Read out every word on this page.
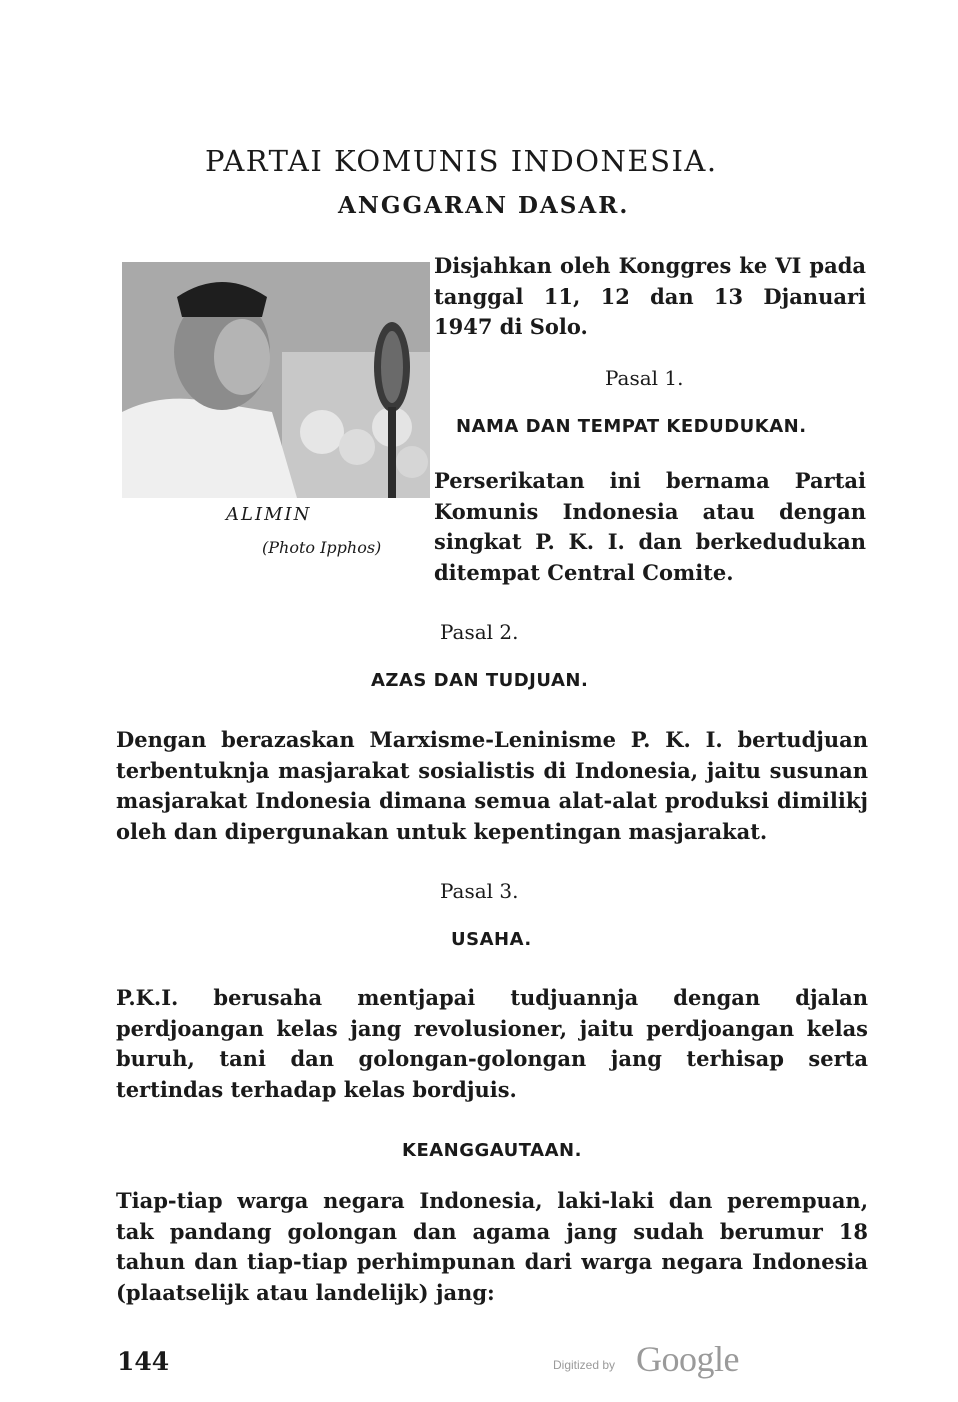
PARTAI KOMUNIS INDONESIA.
ANGGARAN DASAR.
ALIMIN
(Photo Ipphos)
Disjahkan oleh Konggres ke VI pada tanggal 11, 12 dan 13 Djanuari 1947 di Solo.
Pasal 1.
NAMA DAN TEMPAT KEDUDUKAN.
Perserikatan ini bernama Partai Komunis Indonesia atau dengan singkat P. K. I. dan berkedudukan ditempat Central Comite.
Pasal 2.
AZAS DAN TUDJUAN.
Dengan berazaskan Marxisme-Leninisme P. K. I. bertudjuan terbentuknja masjarakat sosialistis di Indonesia, jaitu susunan masjarakat Indonesia dimana semua alat-alat produksi dimilikj oleh dan dipergunakan untuk kepentingan masjarakat.
Pasal 3.
USAHA.
P.K.I. berusaha mentjapai tudjuannja dengan djalan perdjoangan kelas jang revolusioner, jaitu perdjoangan kelas buruh, tani dan golongan-golongan jang terhisap serta tertindas terhadap kelas bordjuis.
KEANGGAUTAAN.
Tiap-tiap warga negara Indonesia, laki-laki dan perempuan, tak pandang golongan dan agama jang sudah berumur 18 tahun dan tiap-tiap perhimpunan dari warga negara Indonesia (plaatselijk atau landelijk) jang:
144	Digitized by Google
